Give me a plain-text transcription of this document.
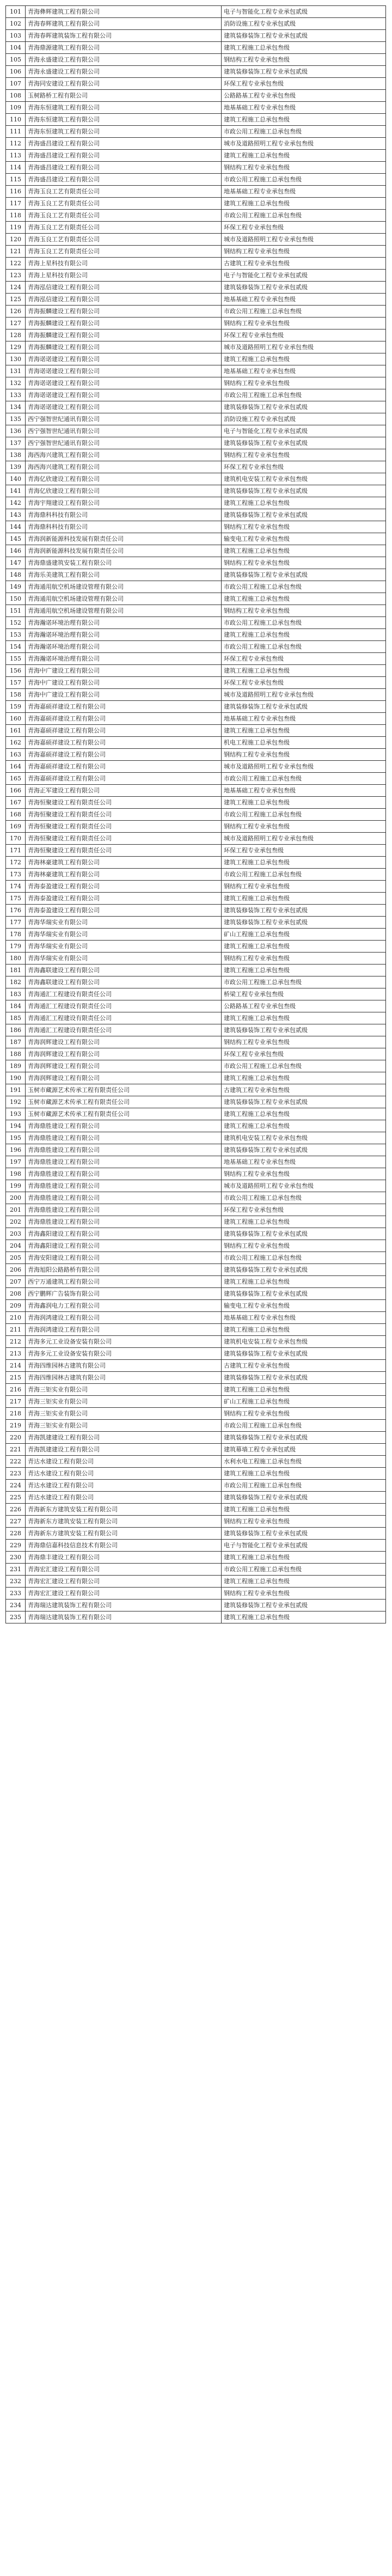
101	青海彝辉建筑工程有限公司	电子与智能化工程专业承包贰级
102	青海春辉建筑工程有限公司	消防设施工程专业承包贰级
103	青海春晖建筑装饰工程有限公司	建筑装修装饰工程专业承包贰级
104	青海鼎源建筑工程有限公司	建筑工程施工总承包叁级
105	青海永盛建设工程有限公司	钢结构工程专业承包叁级
106	青海永盛建设工程有限公司	建筑装修装饰工程专业承包贰级
107	青海同安建设工程有限公司	环保工程专业承包叁级
108	玉树路桥工程有限公司	公路路基工程专业承包叁级
109	青海东恒建筑工程有限公司	地基基础工程专业承包叁级
110	青海东恒建筑工程有限公司	建筑工程施工总承包叁级
111	青海东恒建筑工程有限公司	市政公用工程施工总承包叁级
112	青海盛昌建设工程有限公司	城市及道路照明工程专业承包叁级
113	青海盛昌建设工程有限公司	建筑工程施工总承包叁级
114	青海盛昌建设工程有限公司	钢结构工程专业承包叁级
115	青海盛昌建设工程有限公司	市政公用工程施工总承包叁级
116	青海玉良工艺有限责任公司	地基基础工程专业承包叁级
117	青海玉良工艺有限责任公司	建筑工程施工总承包叁级
118	青海玉良工艺有限责任公司	市政公用工程施工总承包叁级
119	青海玉良工艺有限责任公司	环保工程专业承包叁级
120	青海玉良工艺有限责任公司	城市及道路照明工程专业承包叁级
121	青海玉良工艺有限责任公司	钢结构工程专业承包叁级
122	青海上星科技有限公司	古建筑工程专业承包叁级
123	青海上星科技有限公司	电子与智能化工程专业承包贰级
124	青海泓信建设工程有限公司	建筑装修装饰工程专业承包贰级
125	青海泓信建设工程有限公司	地基基础工程专业承包叁级
126	青海振麟建设工程有限公司	市政公用工程施工总承包叁级
127	青海振麟建设工程有限公司	钢结构工程专业承包叁级
128	青海振麟建设工程有限公司	环保工程专业承包叁级
129	青海振麟建设工程有限公司	城市及道路照明工程专业承包叁级
130	青海诺诺建设工程有限公司	建筑工程施工总承包叁级
131	青海诺诺建设工程有限公司	地基基础工程专业承包叁级
132	青海诺诺建设工程有限公司	钢结构工程专业承包叁级
133	青海诺诺建设工程有限公司	市政公用工程施工总承包叁级
134	青海诺诺建设工程有限公司	建筑装修装饰工程专业承包贰级
135	西宁强智世纪通讯有限公司	消防设施工程专业承包贰级
136	西宁强智世纪通讯有限公司	电子与智能化工程专业承包贰级
137	西宁强智世纪通讯有限公司	建筑装修装饰工程专业承包贰级
138	海西海兴建筑工程有限公司	钢结构工程专业承包叁级
139	海西海兴建筑工程有限公司	环保工程专业承包叁级
140	青海亿欣建设工程有限公司	建筑机电安装工程专业承包叁级
141	青海亿欣建设工程有限公司	建筑装修装饰工程专业承包贰级
142	青海宇翔建设工程有限公司	建筑工程施工总承包叁级
143	青海鼎科科技有限公司	建筑装修装饰工程专业承包贰级
144	青海鼎科科技有限公司	钢结构工程专业承包叁级
145	青海润新能源科技发展有限责任公司	输变电工程专业承包叁级
146	青海润新能源科技发展有限责任公司	建筑工程施工总承包叁级
147	青海鼎盛建筑安装工程有限公司	钢结构工程专业承包叁级
148	青海乐美建筑工程有限公司	建筑装修装饰工程专业承包贰级
149	青海通用航空机场建设管理有限公司	市政公用工程施工总承包叁级
150	青海通用航空机场建设管理有限公司	建筑工程施工总承包叁级
151	青海通用航空机场建设管理有限公司	钢结构工程专业承包叁级
152	青海瀚诺环境治理有限公司	市政公用工程施工总承包叁级
153	青海瀚诺环境治理有限公司	建筑工程施工总承包叁级
154	青海瀚诺环境治理有限公司	市政公用工程施工总承包叁级
155	青海瀚诺环境治理有限公司	环保工程专业承包叁级
156	青海中广建设工程有限公司	建筑工程施工总承包叁级
157	青海中广建设工程有限公司	环保工程专业承包叁级
158	青海中广建设工程有限公司	城市及道路照明工程专业承包叁级
159	青海嘉硕祥建设工程有限公司	建筑装修装饰工程专业承包贰级
160	青海嘉硕祥建设工程有限公司	地基基础工程专业承包叁级
161	青海嘉硕祥建设工程有限公司	建筑工程施工总承包叁级
162	青海嘉硕祥建设工程有限公司	机电工程施工总承包叁级
163	青海嘉硕祥建设工程有限公司	钢结构工程专业承包叁级
164	青海嘉硕祥建设工程有限公司	城市及道路照明工程专业承包叁级
165	青海嘉硕祥建设工程有限公司	市政公用工程施工总承包叁级
166	青海正军建设工程有限公司	地基基础工程专业承包叁级
167	青海恒聚建设工程有限责任公司	建筑工程施工总承包叁级
168	青海恒聚建设工程有限责任公司	市政公用工程施工总承包叁级
169	青海恒聚建设工程有限责任公司	钢结构工程专业承包叁级
170	青海恒聚建设工程有限责任公司	城市及道路照明工程专业承包叁级
171	青海恒聚建设工程有限责任公司	环保工程专业承包叁级
172	青海林豪建筑工程有限公司	建筑工程施工总承包叁级
173	青海林豪建筑工程有限公司	市政公用工程施工总承包叁级
174	青海泰盈建设工程有限公司	钢结构工程专业承包叁级
175	青海泰盈建设工程有限公司	建筑工程施工总承包叁级
176	青海泰盈建设工程有限公司	建筑装修装饰工程专业承包贰级
177	青海华瑞实业有限公司	建筑装修装饰工程专业承包贰级
178	青海华瑞实业有限公司	矿山工程施工总承包叁级
179	青海华瑞实业有限公司	建筑工程施工总承包叁级
180	青海华瑞实业有限公司	钢结构工程专业承包叁级
181	青海鑫联建设工程有限公司	建筑工程施工总承包叁级
182	青海鑫联建设工程有限公司	市政公用工程施工总承包叁级
183	青海通汇工程建设有限责任公司	桥梁工程专业承包叁级
184	青海通汇工程建设有限责任公司	公路路基工程专业承包叁级
185	青海通汇工程建设有限责任公司	建筑工程施工总承包叁级
186	青海通汇工程建设有限责任公司	建筑装修装饰工程专业承包贰级
187	青海润辉建设工程有限公司	钢结构工程专业承包叁级
188	青海润辉建设工程有限公司	环保工程专业承包叁级
189	青海润辉建设工程有限公司	市政公用工程施工总承包叁级
190	青海润辉建设工程有限公司	建筑工程施工总承包叁级
191	玉树市藏源艺术传承工程有限责任公司	古建筑工程专业承包叁级
192	玉树市藏源艺术传承工程有限责任公司	建筑装修装饰工程专业承包贰级
193	玉树市藏源艺术传承工程有限责任公司	建筑工程施工总承包叁级
194	青海鼎胜建设工程有限公司	建筑工程施工总承包叁级
195	青海鼎胜建设工程有限公司	建筑机电安装工程专业承包叁级
196	青海鼎胜建设工程有限公司	建筑装修装饰工程专业承包贰级
197	青海鼎胜建设工程有限公司	地基基础工程专业承包叁级
198	青海鼎胜建设工程有限公司	钢结构工程专业承包叁级
199	青海鼎胜建设工程有限公司	城市及道路照明工程专业承包叁级
200	青海鼎胜建设工程有限公司	市政公用工程施工总承包叁级
201	青海鼎胜建设工程有限公司	环保工程专业承包叁级
202	青海鼎胜建设工程有限公司	建筑工程施工总承包叁级
203	青海鑫阳建设工程有限公司	建筑装修装饰工程专业承包贰级
204	青海鑫阳建设工程有限公司	钢结构工程专业承包叁级
205	青海安阳建设工程有限公司	市政公用工程施工总承包叁级
206	青海旭阳公路路桥有限公司	建筑装修装饰工程专业承包贰级
207	西宁万通建筑工程有限公司	建筑工程施工总承包叁级
208	西宁鹏辉广告装饰有限公司	建筑装修装饰工程专业承包贰级
209	青海鑫润电力工程有限公司	输变电工程专业承包叁级
210	青海润鸿建设工程有限公司	地基基础工程专业承包叁级
211	青海润鸿建设工程有限公司	建筑工程施工总承包叁级
212	青海多元工业设备安装有限公司	建筑机电安装工程专业承包叁级
213	青海多元工业设备安装有限公司	建筑装修装饰工程专业承包贰级
214	青海四维园林古建筑有限公司	古建筑工程专业承包叁级
215	青海四维园林古建筑有限公司	建筑装修装饰工程专业承包贰级
216	青海三钜实业有限公司	建筑工程施工总承包叁级
217	青海三钜实业有限公司	矿山工程施工总承包叁级
218	青海三钜实业有限公司	钢结构工程专业承包叁级
219	青海三钜实业有限公司	市政公用工程施工总承包叁级
220	青海凯建建设工程有限公司	建筑装修装饰工程专业承包贰级
221	青海凯建建设工程有限公司	建筑幕墙工程专业承包贰级
222	青达水建设工程有限公司	水利水电工程施工总承包叁级
223	青达水建设工程有限公司	建筑工程施工总承包叁级
224	青达水建设工程有限公司	市政公用工程施工总承包叁级
225	青达水建设工程有限公司	建筑装修装饰工程专业承包贰级
226	青海新东方建筑安装工程有限公司	建筑工程施工总承包叁级
227	青海新东方建筑安装工程有限公司	钢结构工程专业承包叁级
228	青海新东方建筑安装工程有限公司	建筑装修装饰工程专业承包贰级
229	青海鼎信嘉科技信息技术有限公司	电子与智能化工程专业承包贰级
230	青海鼎丰建设工程有限公司	建筑工程施工总承包叁级
231	青海宏汇建设工程有限公司	市政公用工程施工总承包叁级
232	青海宏汇建设工程有限公司	建筑工程施工总承包叁级
233	青海宏汇建设工程有限公司	钢结构工程专业承包叁级
234	青海瑞达建筑装饰工程有限公司	建筑装修装饰工程专业承包贰级
235	青海瑞达建筑装饰工程有限公司	建筑工程施工总承包叁级
